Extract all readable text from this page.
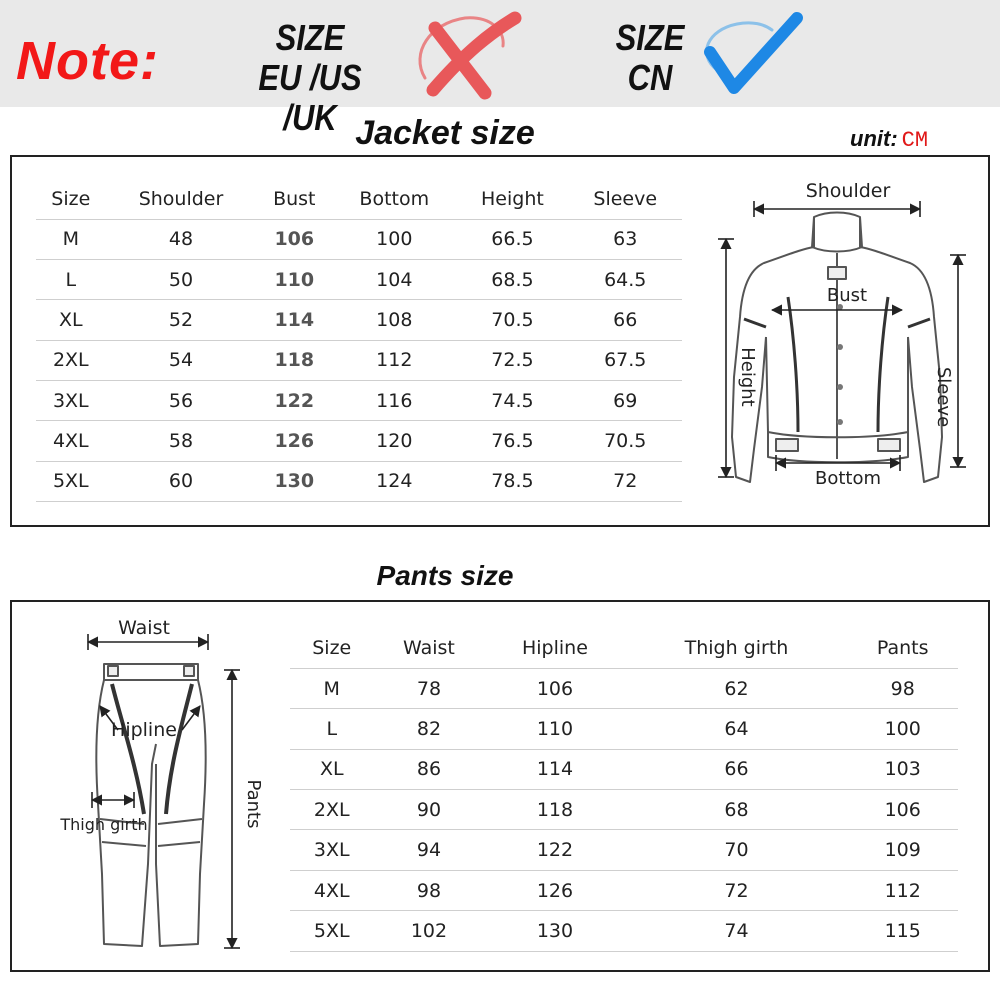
Note:	SIZE
EU /US /UK
SIZE
CN
Jacket size	unit: CM
Size	Shoulder	Bust	Bottom	Height	Sleeve
M	48	106	100	66.5	63
L	50	110	104	68.5	64.5
XL	52	114	108	70.5	66
2XL	54	118	112	72.5	67.5
3XL	56	122	116	74.5	69
4XL	58	126	120	76.5	70.5
5XL	60	130	124	78.5	72
Shoulder
Bust
Height	Sleeve
Bottom
Pants size
Waist
Hipline
Thigh girth	Pants
Size	Waist	Hipline	Thigh girth	Pants
M	78	106	62	98
L	82	110	64	100
XL	86	114	66	103
2XL	90	118	68	106
3XL	94	122	70	109
4XL	98	126	72	112
5XL	102	130	74	115
